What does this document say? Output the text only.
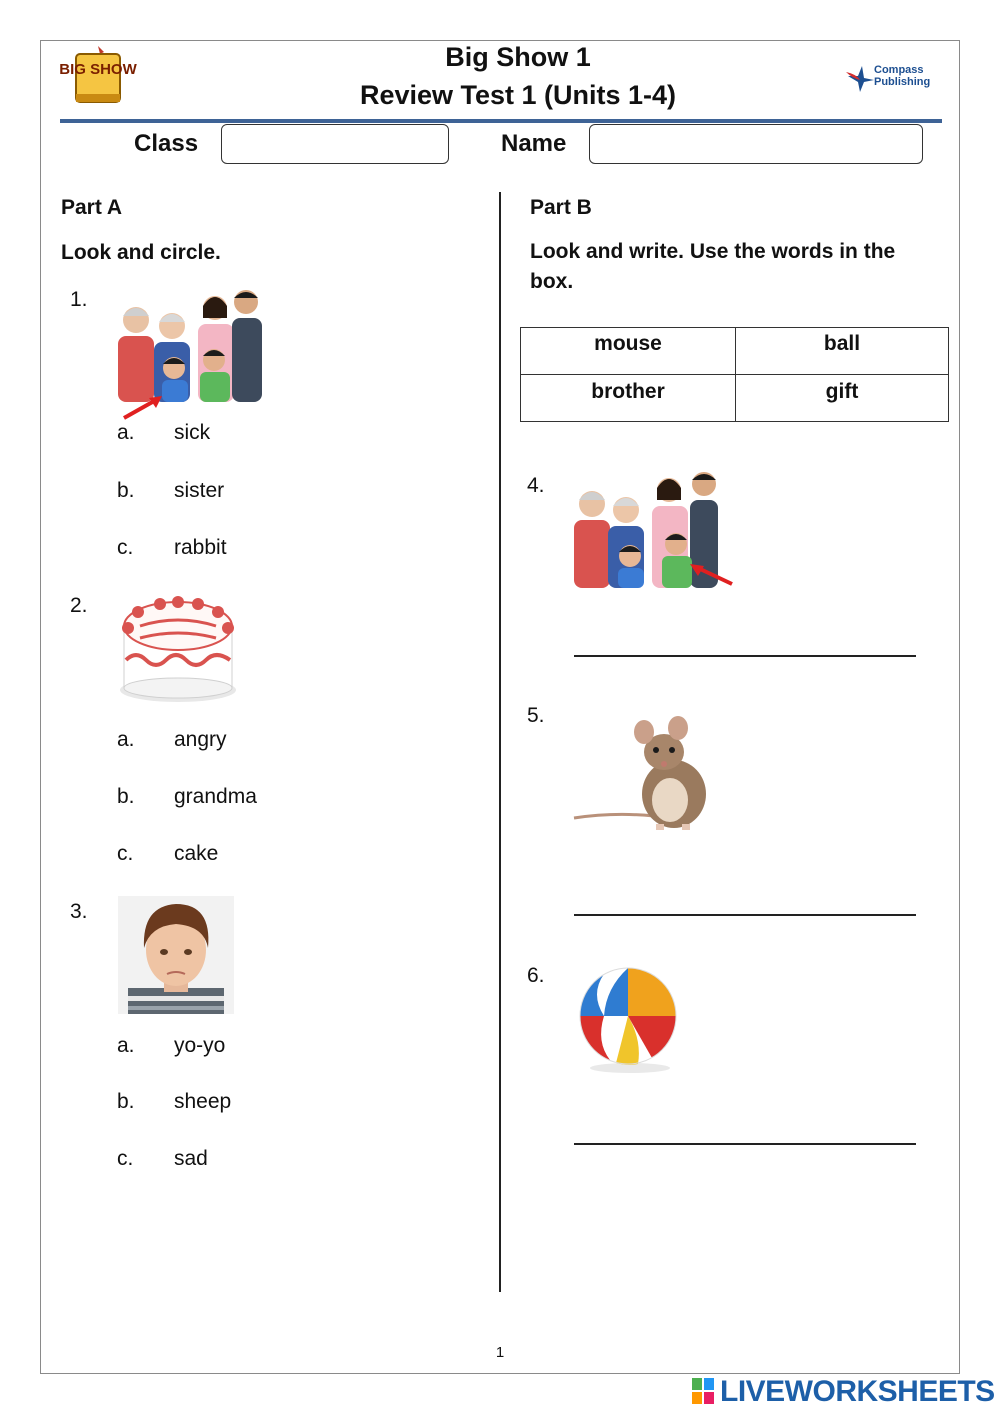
BIG SHOW	Big Show 1
Review Test 1 (Units 1-4)
Compass
Publishing
Class	Name
Part A
Look and circle.
1.
a. sick
b. sister
c. rabbit
2.
a. angry
b. grandma
c. cake
3.
a. yo-yo
b. sheep
c. sad
Part B
Look and write. Use the words in the
box.
mouse	ball
brother	gift
4.
5.
6.
1
LIVEWORKSHEETS
